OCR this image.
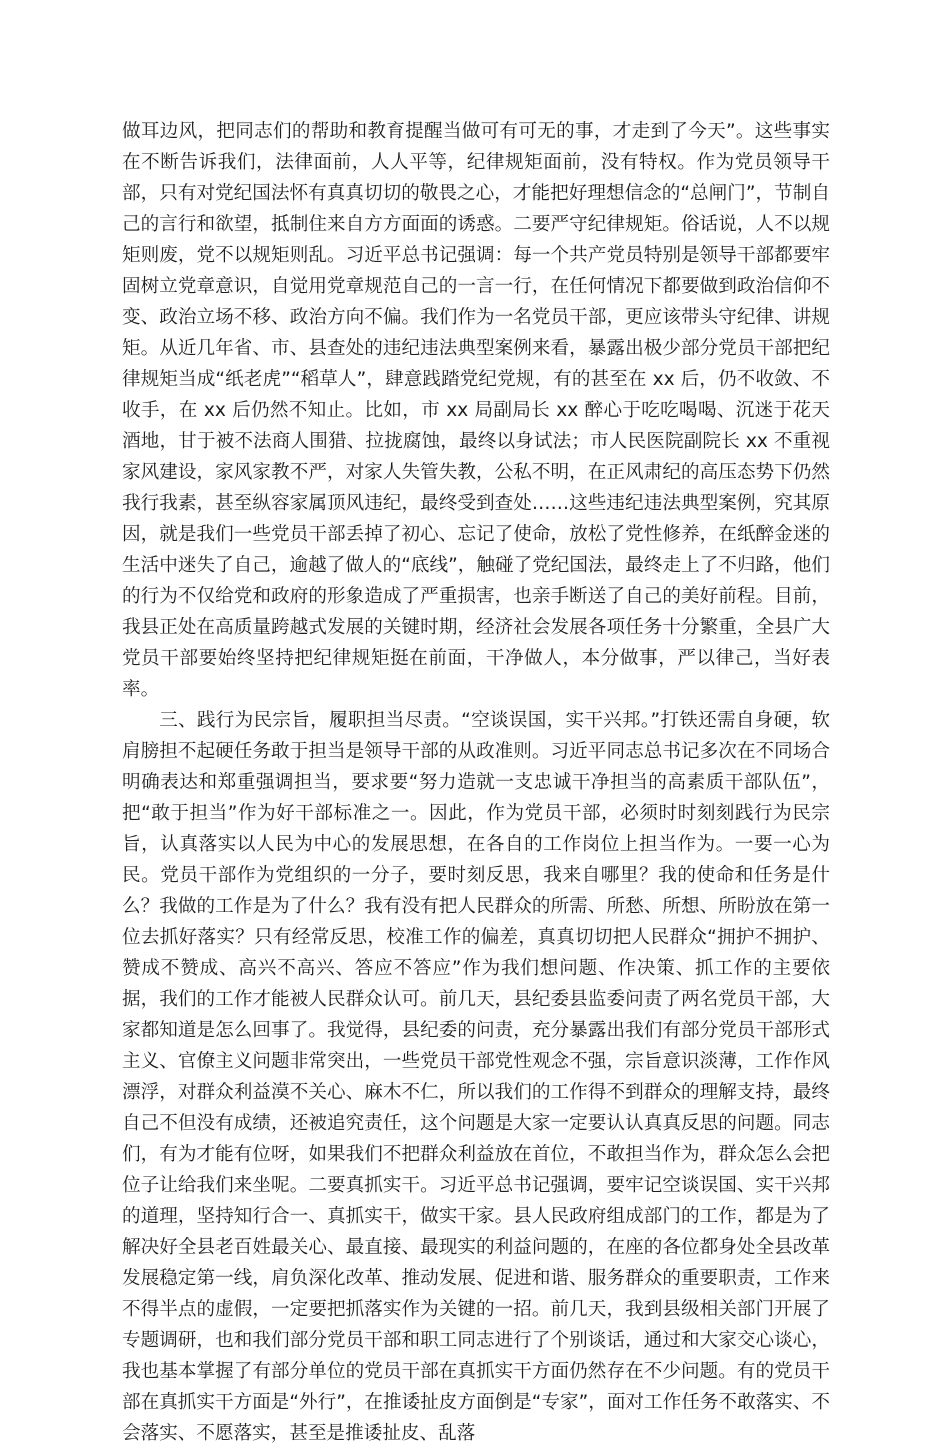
做耳边风，把同志们的帮助和教育提醒当做可有可无的事，才走到了今天”。这些事实在不断告诉我们，法律面前，人人平等，纪律规矩面前，没有特权。作为党员领导干部，只有对党纪国法怀有真真切切的敬畏之心，才能把好理想信念的“总闸门”，节制自己的言行和欲望，抵制住来自方方面面的诱惑。二要严守纪律规矩。俗话说，人不以规矩则废，党不以规矩则乱。习近平总书记强调：每一个共产党员特别是领导干部都要牢固树立党章意识，自觉用党章规范自己的一言一行，在任何情况下都要做到政治信仰不变、政治立场不移、政治方向不偏。我们作为一名党员干部，更应该带头守纪律、讲规矩。从近几年省、市、县查处的违纪违法典型案例来看，暴露出极少部分党员干部把纪律规矩当成“纸老虎”“稻草人”，肆意践踏党纪党规，有的甚至在 xx 后，仍不收敛、不收手，在 xx 后仍然不知止。比如，市 xx 局副局长 xx 醉心于吃吃喝喝、沉迷于花天酒地，甘于被不法商人围猎、拉拢腐蚀，最终以身试法；市人民医院副院长 xx 不重视家风建设，家风家教不严，对家人失管失教，公私不明，在正风肃纪的高压态势下仍然我行我素，甚至纵容家属顶风违纪，最终受到查处……这些违纪违法典型案例，究其原因，就是我们一些党员干部丢掉了初心、忘记了使命，放松了党性修养，在纸醉金迷的生活中迷失了自己，逾越了做人的“底线”，触碰了党纪国法，最终走上了不归路，他们的行为不仅给党和政府的形象造成了严重损害，也亲手断送了自己的美好前程。目前，我县正处在高质量跨越式发展的关键时期，经济社会发展各项任务十分繁重，全县广大党员干部要始终坚持把纪律规矩挺在前面，干净做人，本分做事，严以律己，当好表率。

三、践行为民宗旨，履职担当尽责。“空谈误国，实干兴邦。”打铁还需自身硬，软肩膀担不起硬任务敢于担当是领导干部的从政准则。习近平同志总书记多次在不同场合明确表达和郑重强调担当，要求要“努力造就一支忠诚干净担当的高素质干部队伍”，把“敢于担当”作为好干部标准之一。因此，作为党员干部，必须时时刻刻践行为民宗旨，认真落实以人民为中心的发展思想，在各自的工作岗位上担当作为。一要一心为民。党员干部作为党组织的一分子，要时刻反思，我来自哪里？我的使命和任务是什么？我做的工作是为了什么？我有没有把人民群众的所需、所愁、所想、所盼放在第一位去抓好落实？只有经常反思，校准工作的偏差，真真切切把人民群众“拥护不拥护、赞成不赞成、高兴不高兴、答应不答应”作为我们想问题、作决策、抓工作的主要依据，我们的工作才能被人民群众认可。前几天，县纪委县监委问责了两名党员干部，大家都知道是怎么回事了。我觉得，县纪委的问责，充分暴露出我们有部分党员干部形式主义、官僚主义问题非常突出，一些党员干部党性观念不强，宗旨意识淡薄，工作作风漂浮，对群众利益漠不关心、麻木不仁，所以我们的工作得不到群众的理解支持，最终自己不但没有成绩，还被追究责任，这个问题是大家一定要认认真真反思的问题。同志们，有为才能有位呀，如果我们不把群众利益放在首位，不敢担当作为，群众怎么会把位子让给我们来坐呢。二要真抓实干。习近平总书记强调，要牢记空谈误国、实干兴邦的道理，坚持知行合一、真抓实干，做实干家。县人民政府组成部门的工作，都是为了解决好全县老百姓最关心、最直接、最现实的利益问题的，在座的各位都身处全县改革发展稳定第一线，肩负深化改革、推动发展、促进和谐、服务群众的重要职责，工作来不得半点的虚假，一定要把抓落实作为关键的一招。前几天，我到县级相关部门开展了专题调研，也和我们部分党员干部和职工同志进行了个别谈话，通过和大家交心谈心，我也基本掌握了有部分单位的党员干部在真抓实干方面仍然存在不少问题。有的党员干部在真抓实干方面是“外行”，在推诿扯皮方面倒是“专家”，面对工作任务不敢落实、不会落实、不愿落实，甚至是推诿扯皮、乱落
